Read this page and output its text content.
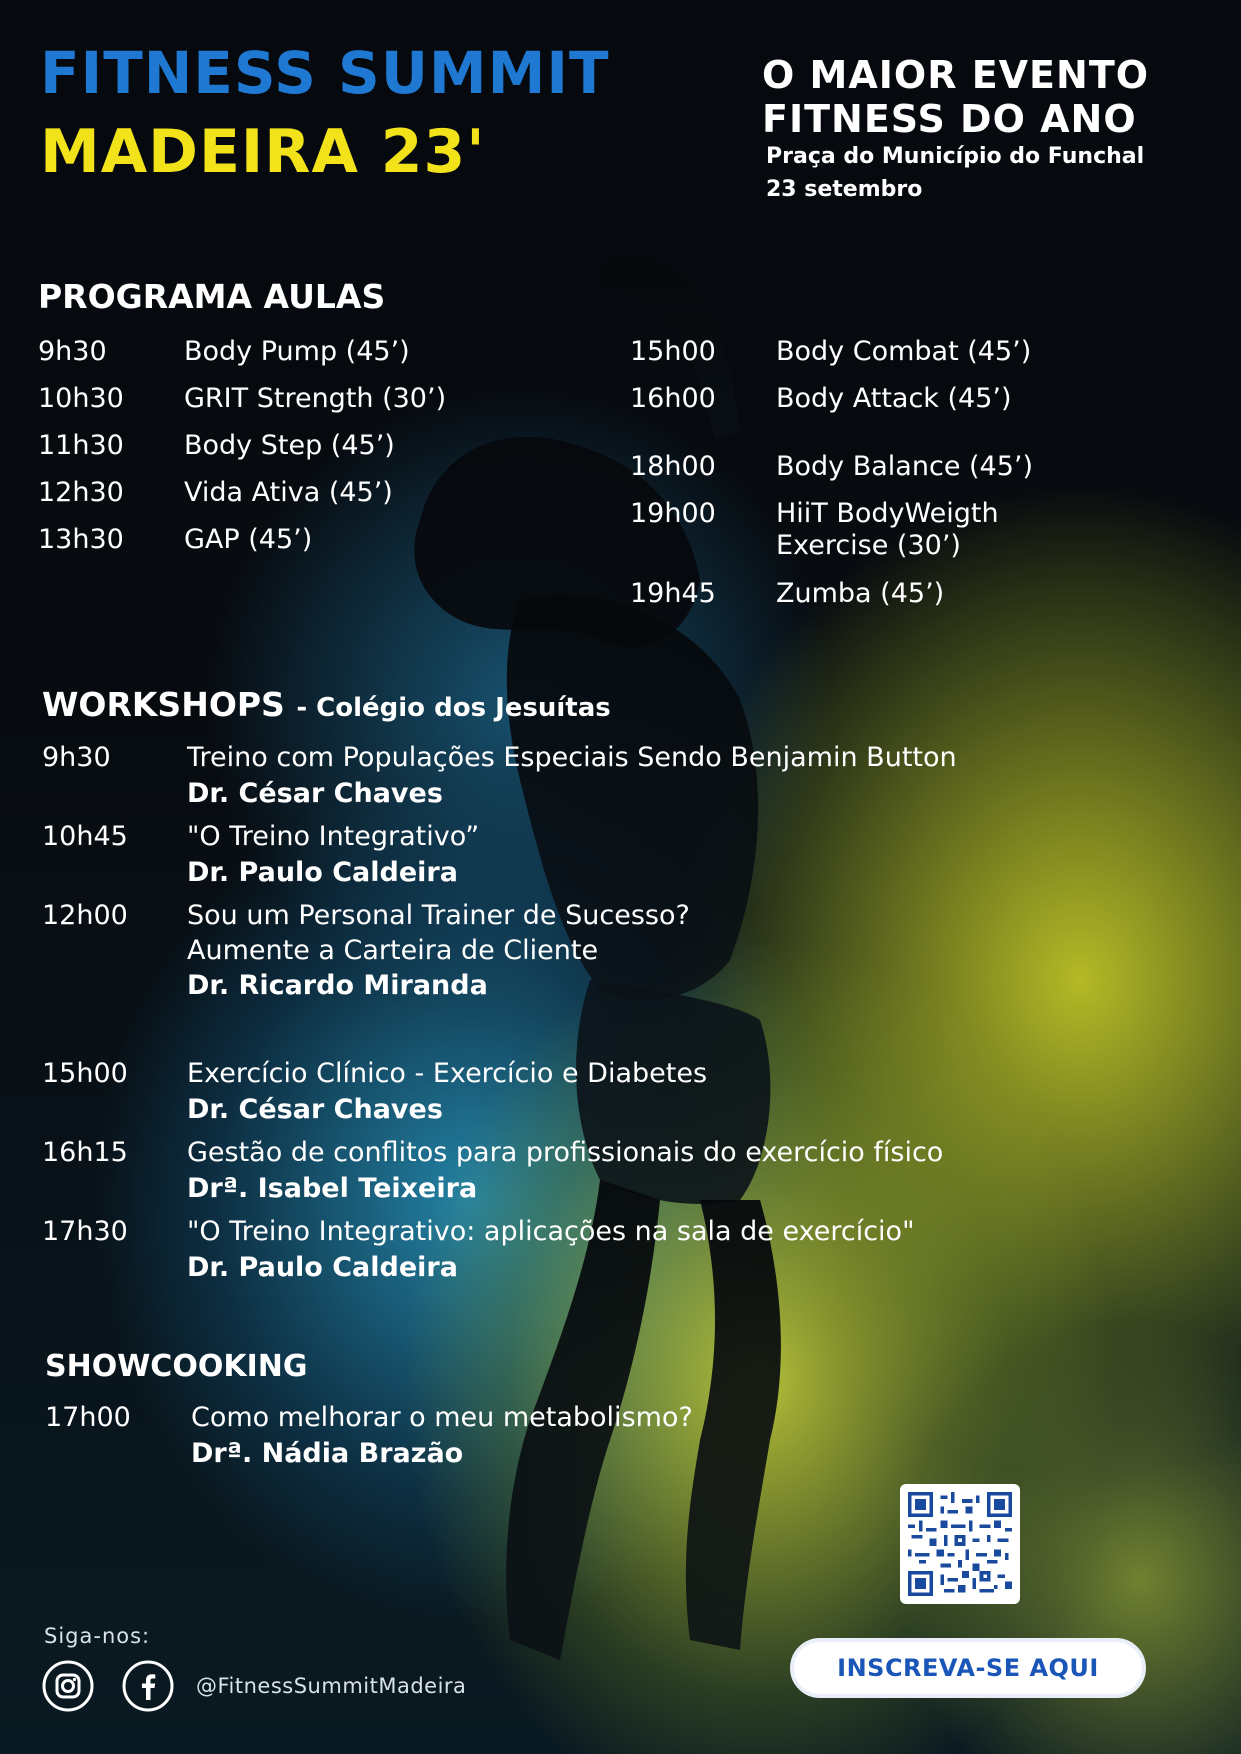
FITNESS SUMMIT
MADEIRA 23'
O MAIOR EVENTO
FITNESS DO ANO
Praça do Município do Funchal
23 setembro
PROGRAMA AULAS
9h30	Body Pump (45’)
10h30 GRIT Strength (30’)
11h30 Body Step (45’)
12h30 Vida Ativa (45’)
13h30 GAP (45’)
15h00 Body Combat (45’)
16h00 Body Attack (45’)
18h00 Body Balance (45’)
19h00 HiiT BodyWeigth
Exercise (30’)
19h45 Zumba (45’)
WORKSHOPS - Colégio dos Jesuítas
9h30	Treino com Populações Especiais Sendo Benjamin Button
Dr. César Chaves
10h45 "O Treino Integrativo”
Dr. Paulo Caldeira
12h00 Sou um Personal Trainer de Sucesso?
Aumente a Carteira de Cliente
Dr. Ricardo Miranda
15h00 Exercício Clínico - Exercício e Diabetes
Dr. César Chaves
16h15 Gestão de conflitos para profissionais do exercício físico
Drª. Isabel Teixeira
17h30 "O Treino Integrativo: aplicações na sala de exercício"
Dr. Paulo Caldeira
SHOWCOOKING
17h00 Como melhorar o meu metabolismo?
Drª. Nádia Brazão
INSCREVA-SE AQUI
Siga-nos:
@FitnessSummitMadeira
